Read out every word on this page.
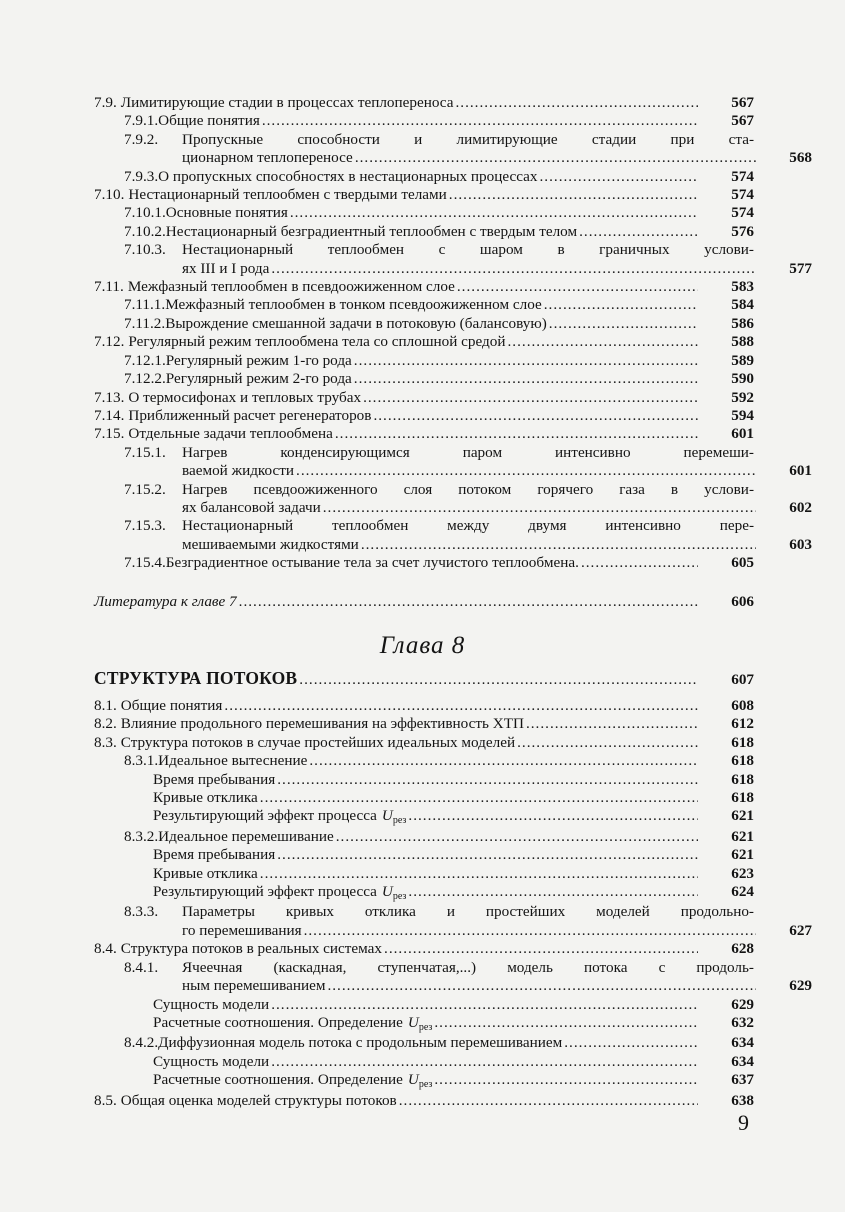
7.9. Лимитирующие стадии в процессах теплопереноса .....	567
7.9.1. Общие понятия .....	567
7.9.2.	Пропускные способности и лимитирующие стадии при ста-
ционарном теплопереносе .....	568
7.9.3. О пропускных способностях в нестационарных процессах .....	574
7.10. Нестационарный теплообмен с твердыми телами .....	574
7.10.1. Основные понятия .....	574
7.10.2. Нестационарный безградиентный теплообмен с твердым телом .....	576
7.10.3.	Нестационарный теплообмен с шаром в граничных услови-
ях III и I рода .....	577
7.11. Межфазный теплообмен в псевдоожиженном слое .....	583
7.11.1. Межфазный теплообмен в тонком псевдоожиженном слое .....	584
7.11.2. Вырождение смешанной задачи в потоковую (балансовую) .....	586
7.12. Регулярный режим теплообмена тела со сплошной средой .....	588
7.12.1. Регулярный режим 1-го рода .....	589
7.12.2. Регулярный режим 2-го рода .....	590
7.13. О термосифонах и тепловых трубах .....	592
7.14. Приближенный расчет регенераторов .....	594
7.15. Отдельные задачи теплообмена .....	601
7.15.1.	Нагрев конденсирующимся паром интенсивно перемеши-
ваемой жидкости .....	601
7.15.2.	Нагрев псевдоожиженного слоя потоком горячего газа в услови-
ях балансовой задачи .....	602
7.15.3.	Нестационарный теплообмен между двумя интенсивно пере-
мешиваемыми жидкостями .....	603
7.15.4. Безградиентное остывание тела за счет лучистого теплообмена. .....	605
Литература к главе 7 .....	606
Глава 8
СТРУКТУРА ПОТОКОВ .....	607
8.1. Общие понятия .....	608
8.2. Влияние продольного перемешивания на эффективность ХТП .....	612
8.3. Структура потоков в случае простейших идеальных моделей .....	618
8.3.1. Идеальное вытеснение .....	618
Время пребывания .....	618
Кривые отклика .....	618
Результирующий эффект процесса Uрез .....	621
8.3.2. Идеальное перемешивание .....	621
Время пребывания .....	621
Кривые отклика .....	623
Результирующий эффект процесса Uрез .....	624
8.3.3.	Параметры кривых отклика и простейших моделей продольно-
го перемешивания .....	627
8.4. Структура потоков в реальных системах .....	628
8.4.1.	Ячеечная (каскадная, ступенчатая,...) модель потока с продоль-
ным перемешиванием .....	629
Сущность модели .....	629
Расчетные соотношения. Определение Uрез .....	632
8.4.2. Диффузионная модель потока с продольным перемешиванием .....	634
Сущность модели .....	634
Расчетные соотношения. Определение Uрез .....	637
8.5. Общая оценка моделей структуры потоков .....	638
9
